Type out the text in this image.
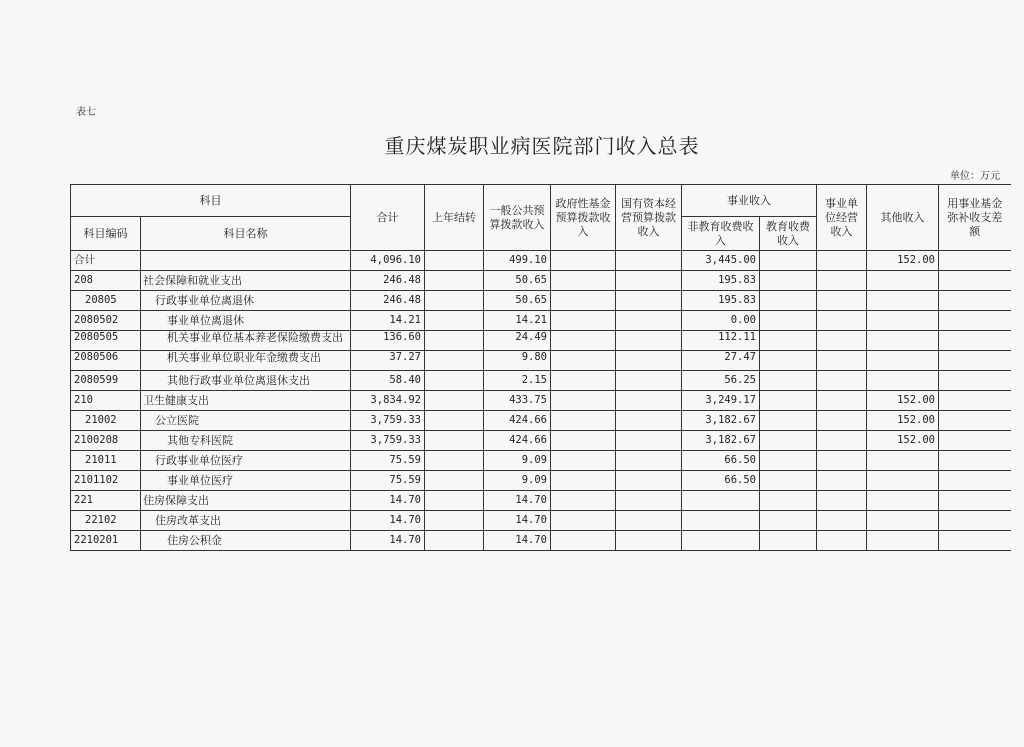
表七
重庆煤炭职业病医院部门收入总表
单位：万元
科目		合计	上年结转	一般公共预算拨款收入	政府性基金预算拨款收入	国有资本经营预算拨款收入	事业收入		事业单位经营收入	其他收入	用事业基金弥补收支差额
科目编码	科目名称						非教育收费收入	教育收费收入			
合计		4,096.10		499.10			3,445.00			152.00	
208	社会保障和就业支出	246.48		50.65			195.83				
20805	行政事业单位离退休	246.48		50.65			195.83				
2080502	事业单位离退休	14.21		14.21			0.00				
2080505	机关事业单位基本养老保险缴费支出	136.60		24.49			112.11				
2080506	机关事业单位职业年金缴费支出	37.27		9.80			27.47				
2080599	其他行政事业单位离退休支出	58.40		2.15			56.25				
210	卫生健康支出	3,834.92		433.75			3,249.17			152.00	
21002	公立医院	3,759.33		424.66			3,182.67			152.00	
2100208	其他专科医院	3,759.33		424.66			3,182.67			152.00	
21011	行政事业单位医疗	75.59		9.09			66.50				
2101102	事业单位医疗	75.59		9.09			66.50				
221	住房保障支出	14.70		14.70							
22102	住房改革支出	14.70		14.70							
2210201	住房公积金	14.70		14.70							
